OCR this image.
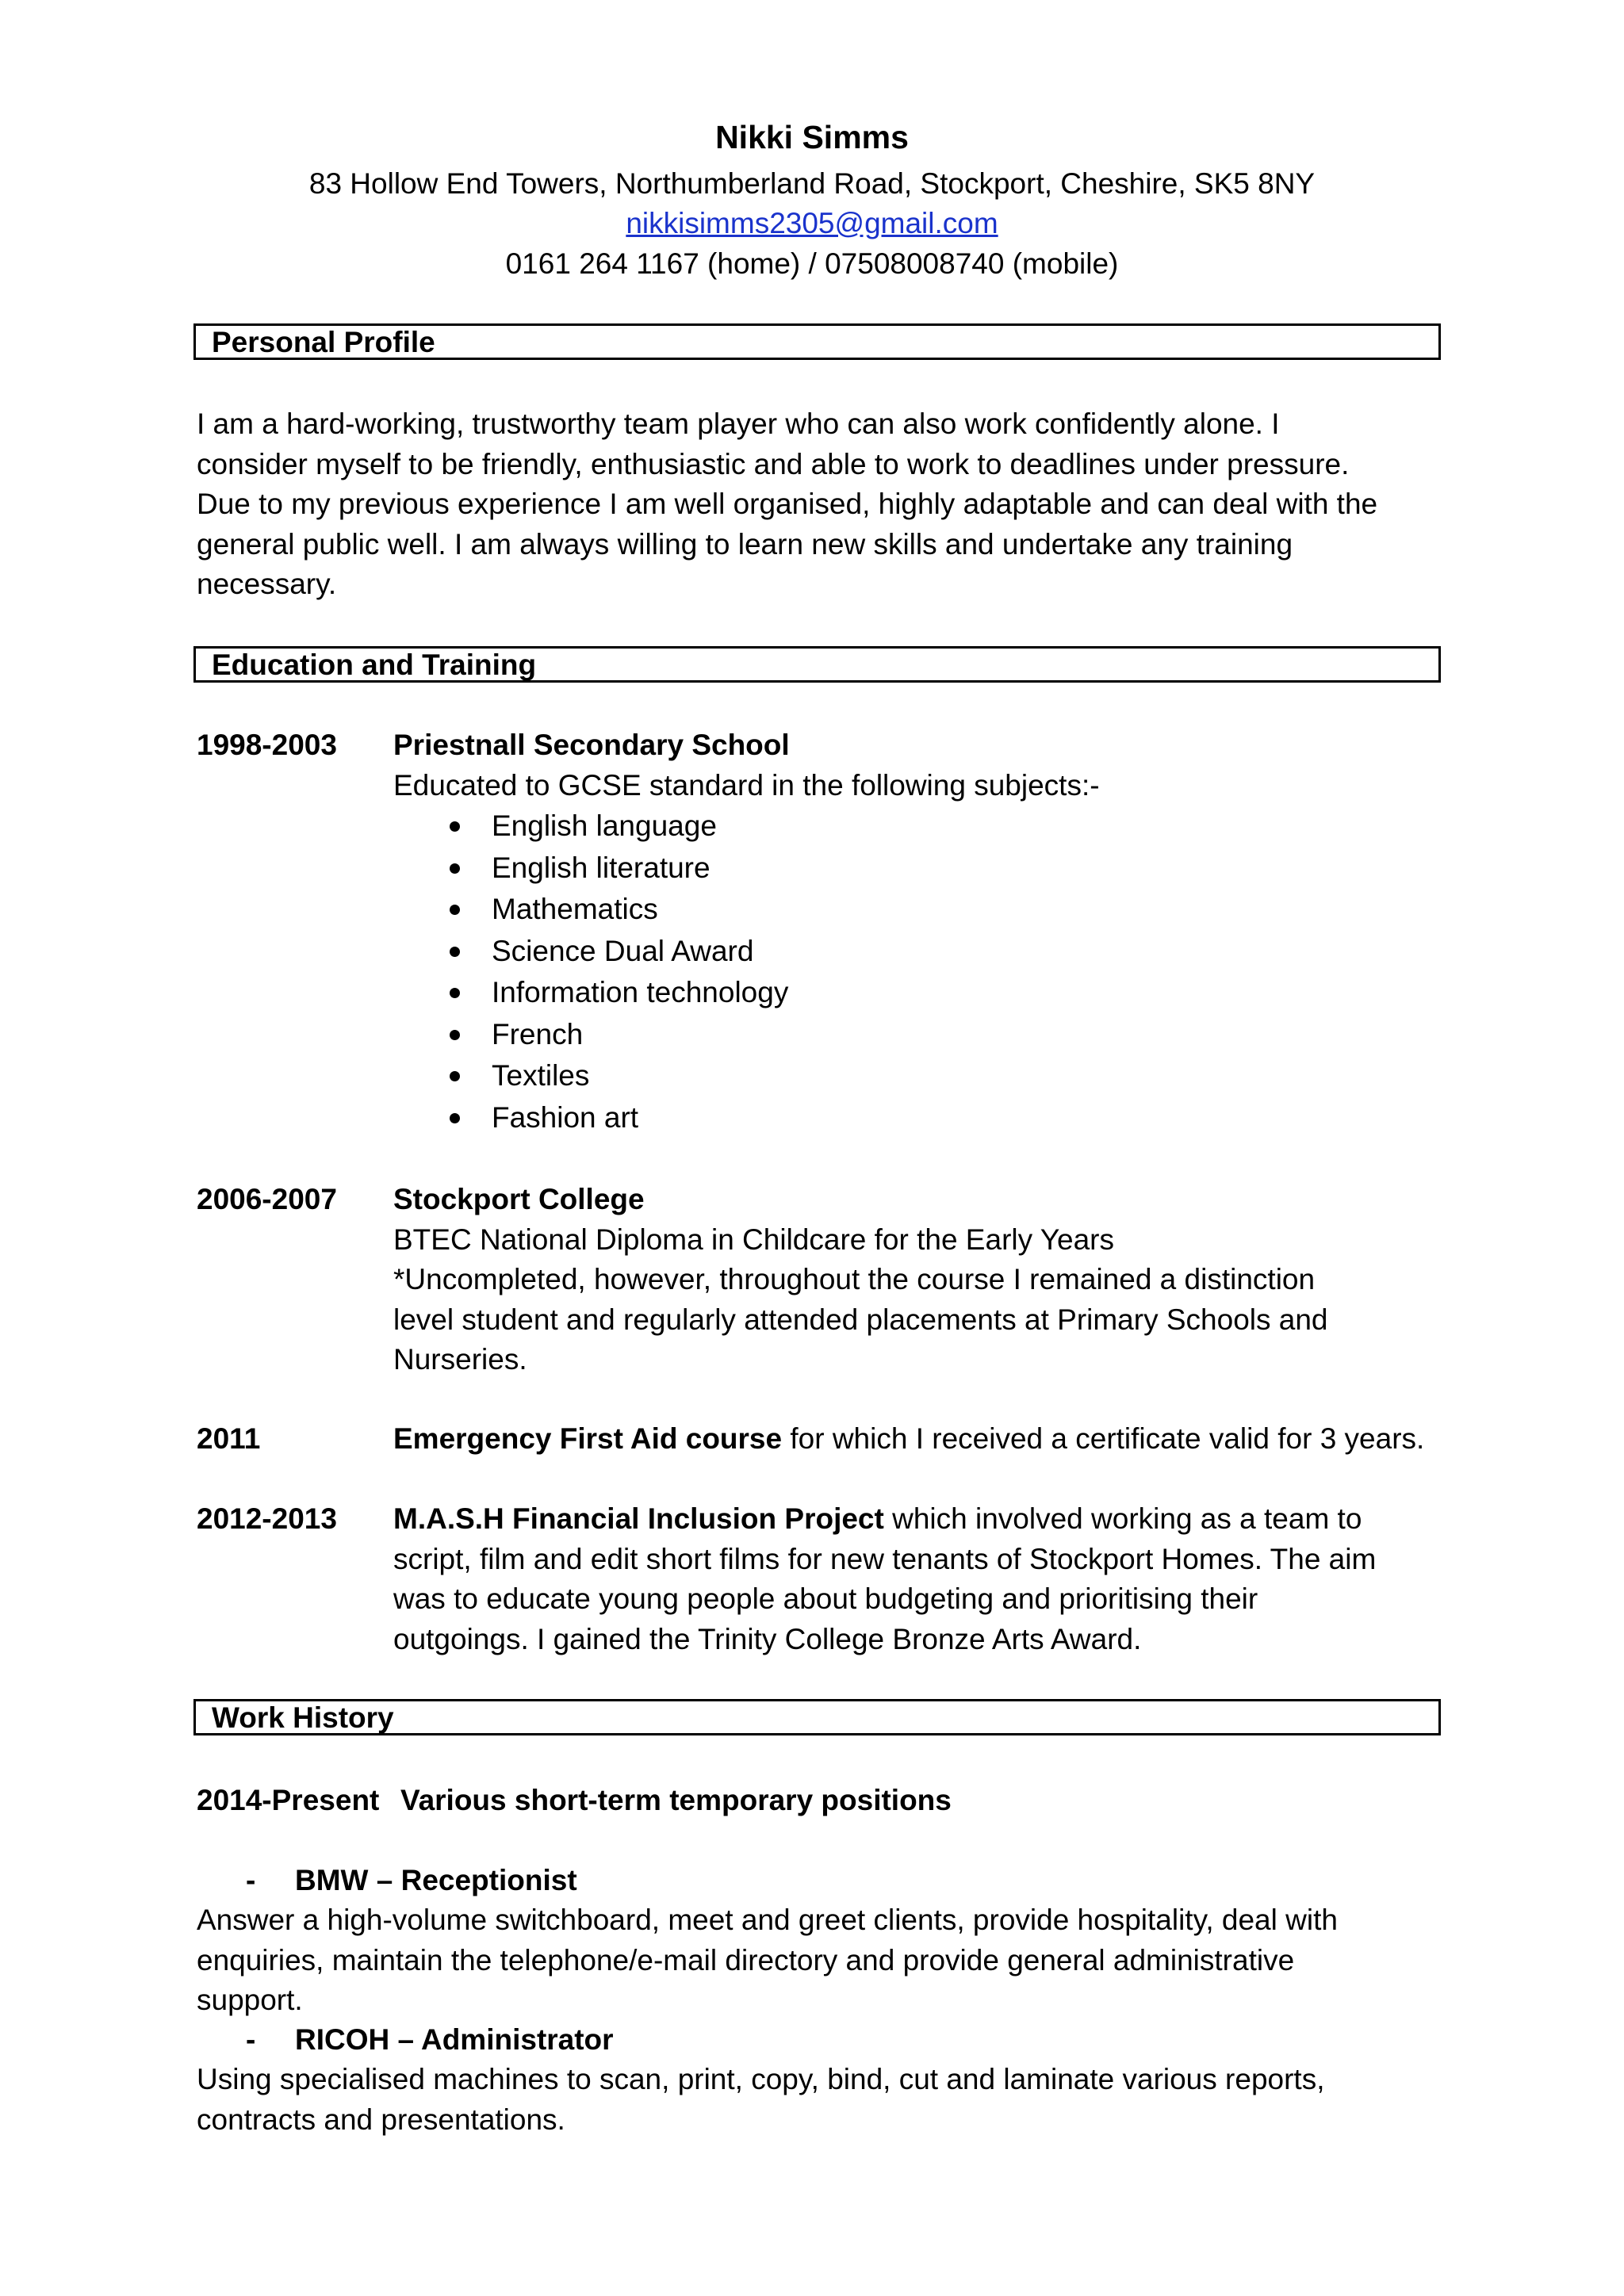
Nikki Simms
83 Hollow End Towers, Northumberland Road, Stockport, Cheshire, SK5 8NY
nikkisimms2305@gmail.com
0161 264 1167 (home) / 07508008740 (mobile)
Personal Profile

I am a hard-working, trustworthy team player who can also work confidently alone. I

consider myself to be friendly, enthusiastic and able to work to deadlines under pressure.

Due to my previous experience I am well organised, highly adaptable and can deal with the

general public well. I am always willing to learn new skills and undertake any training

necessary.

Education and Training
1998-2003 Priestnall Secondary School

Educated to GCSE standard in the following subjects:-

English language
English literature
Mathematics
Science Dual Award
Information technology
French
Textiles
Fashion art
2006-2007 Stockport College

BTEC National Diploma in Childcare for the Early Years

*Uncompleted, however, throughout the course I remained a distinction

level student and regularly attended placements at Primary Schools and

Nurseries.

2011	Emergency First Aid course for which I received a certificate valid for 3 years.

2012-2013 M.A.S.H Financial Inclusion Project which involved working as a team to

script, film and edit short films for new tenants of Stockport Homes. The aim

was to educate young people about budgeting and prioritising their

outgoings. I gained the Trinity College Bronze Arts Award.

Work History
2014-Present Various short-term temporary positions
- BMW – Receptionist

Answer a high-volume switchboard, meet and greet clients, provide hospitality, deal with

enquiries, maintain the telephone/e-mail directory and provide general administrative

support.

- RICOH – Administrator

Using specialised machines to scan, print, copy, bind, cut and laminate various reports,

contracts and presentations.
